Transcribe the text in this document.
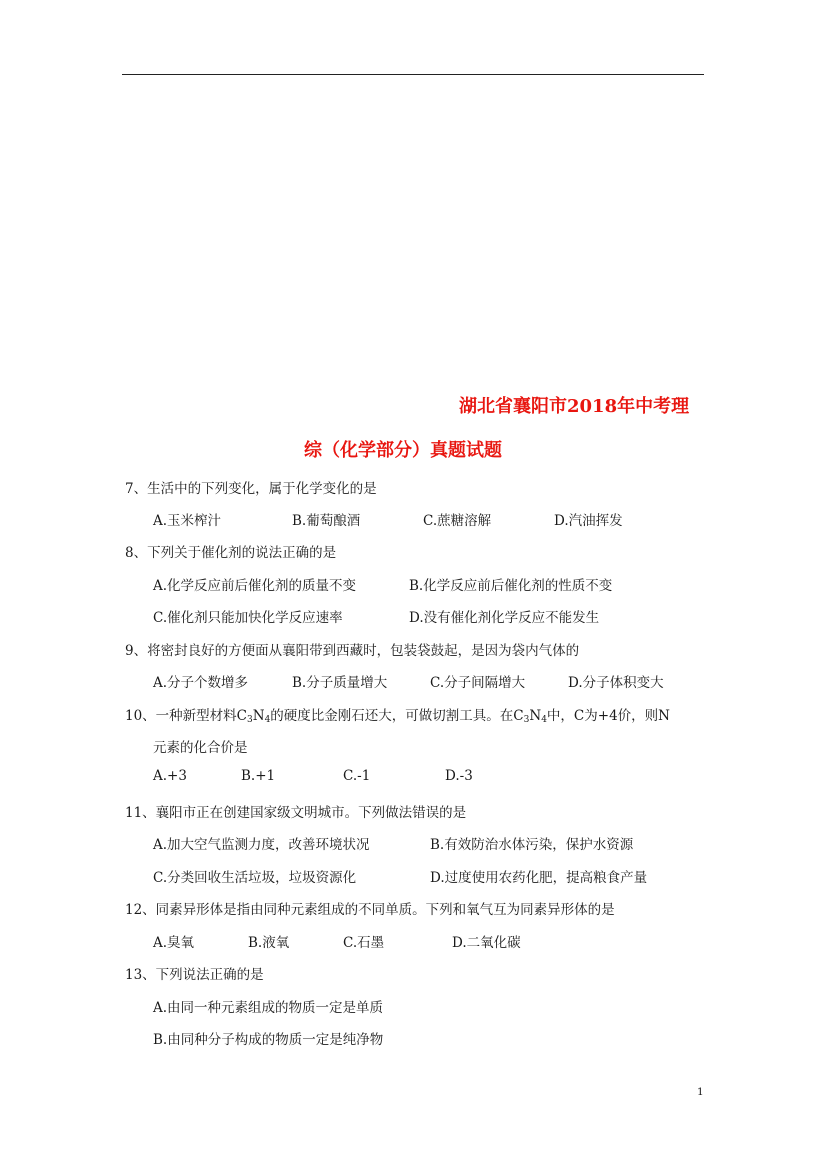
湖北省襄阳市2018年中考理
综（化学部分）真题试题
7、生活中的下列变化，属于化学变化的是
A.玉米榨汁	B.葡萄酿酒	C.蔗糖溶解	D.汽油挥发
8、下列关于催化剂的说法正确的是
A.化学反应前后催化剂的质量不变	B.化学反应前后催化剂的性质不变
C.催化剂只能加快化学反应速率	D.没有催化剂化学反应不能发生
9、将密封良好的方便面从襄阳带到西藏时，包装袋鼓起，是因为袋内气体的
A.分子个数增多	B.分子质量增大	C.分子间隔增大	D.分子体积变大
10、一种新型材料$C_3N_4$的硬度比金刚石还大，可做切割工具。在$C_3N_4$中，C为+4价，则N
元素的化合价是
A.+3	B.+1	C.-1	D.-3
11、襄阳市正在创建国家级文明城市。下列做法错误的是
A.加大空气监测力度，改善环境状况	B.有效防治水体污染，保护水资源
C.分类回收生活垃圾，垃圾资源化	D.过度使用农药化肥，提高粮食产量
12、同素异形体是指由同种元素组成的不同单质。下列和氧气互为同素异形体的是
A.臭氧	B.液氧	C.石墨	D.二氧化碳
13、下列说法正确的是
A.由同一种元素组成的物质一定是单质
B.由同种分子构成的物质一定是纯净物
1
